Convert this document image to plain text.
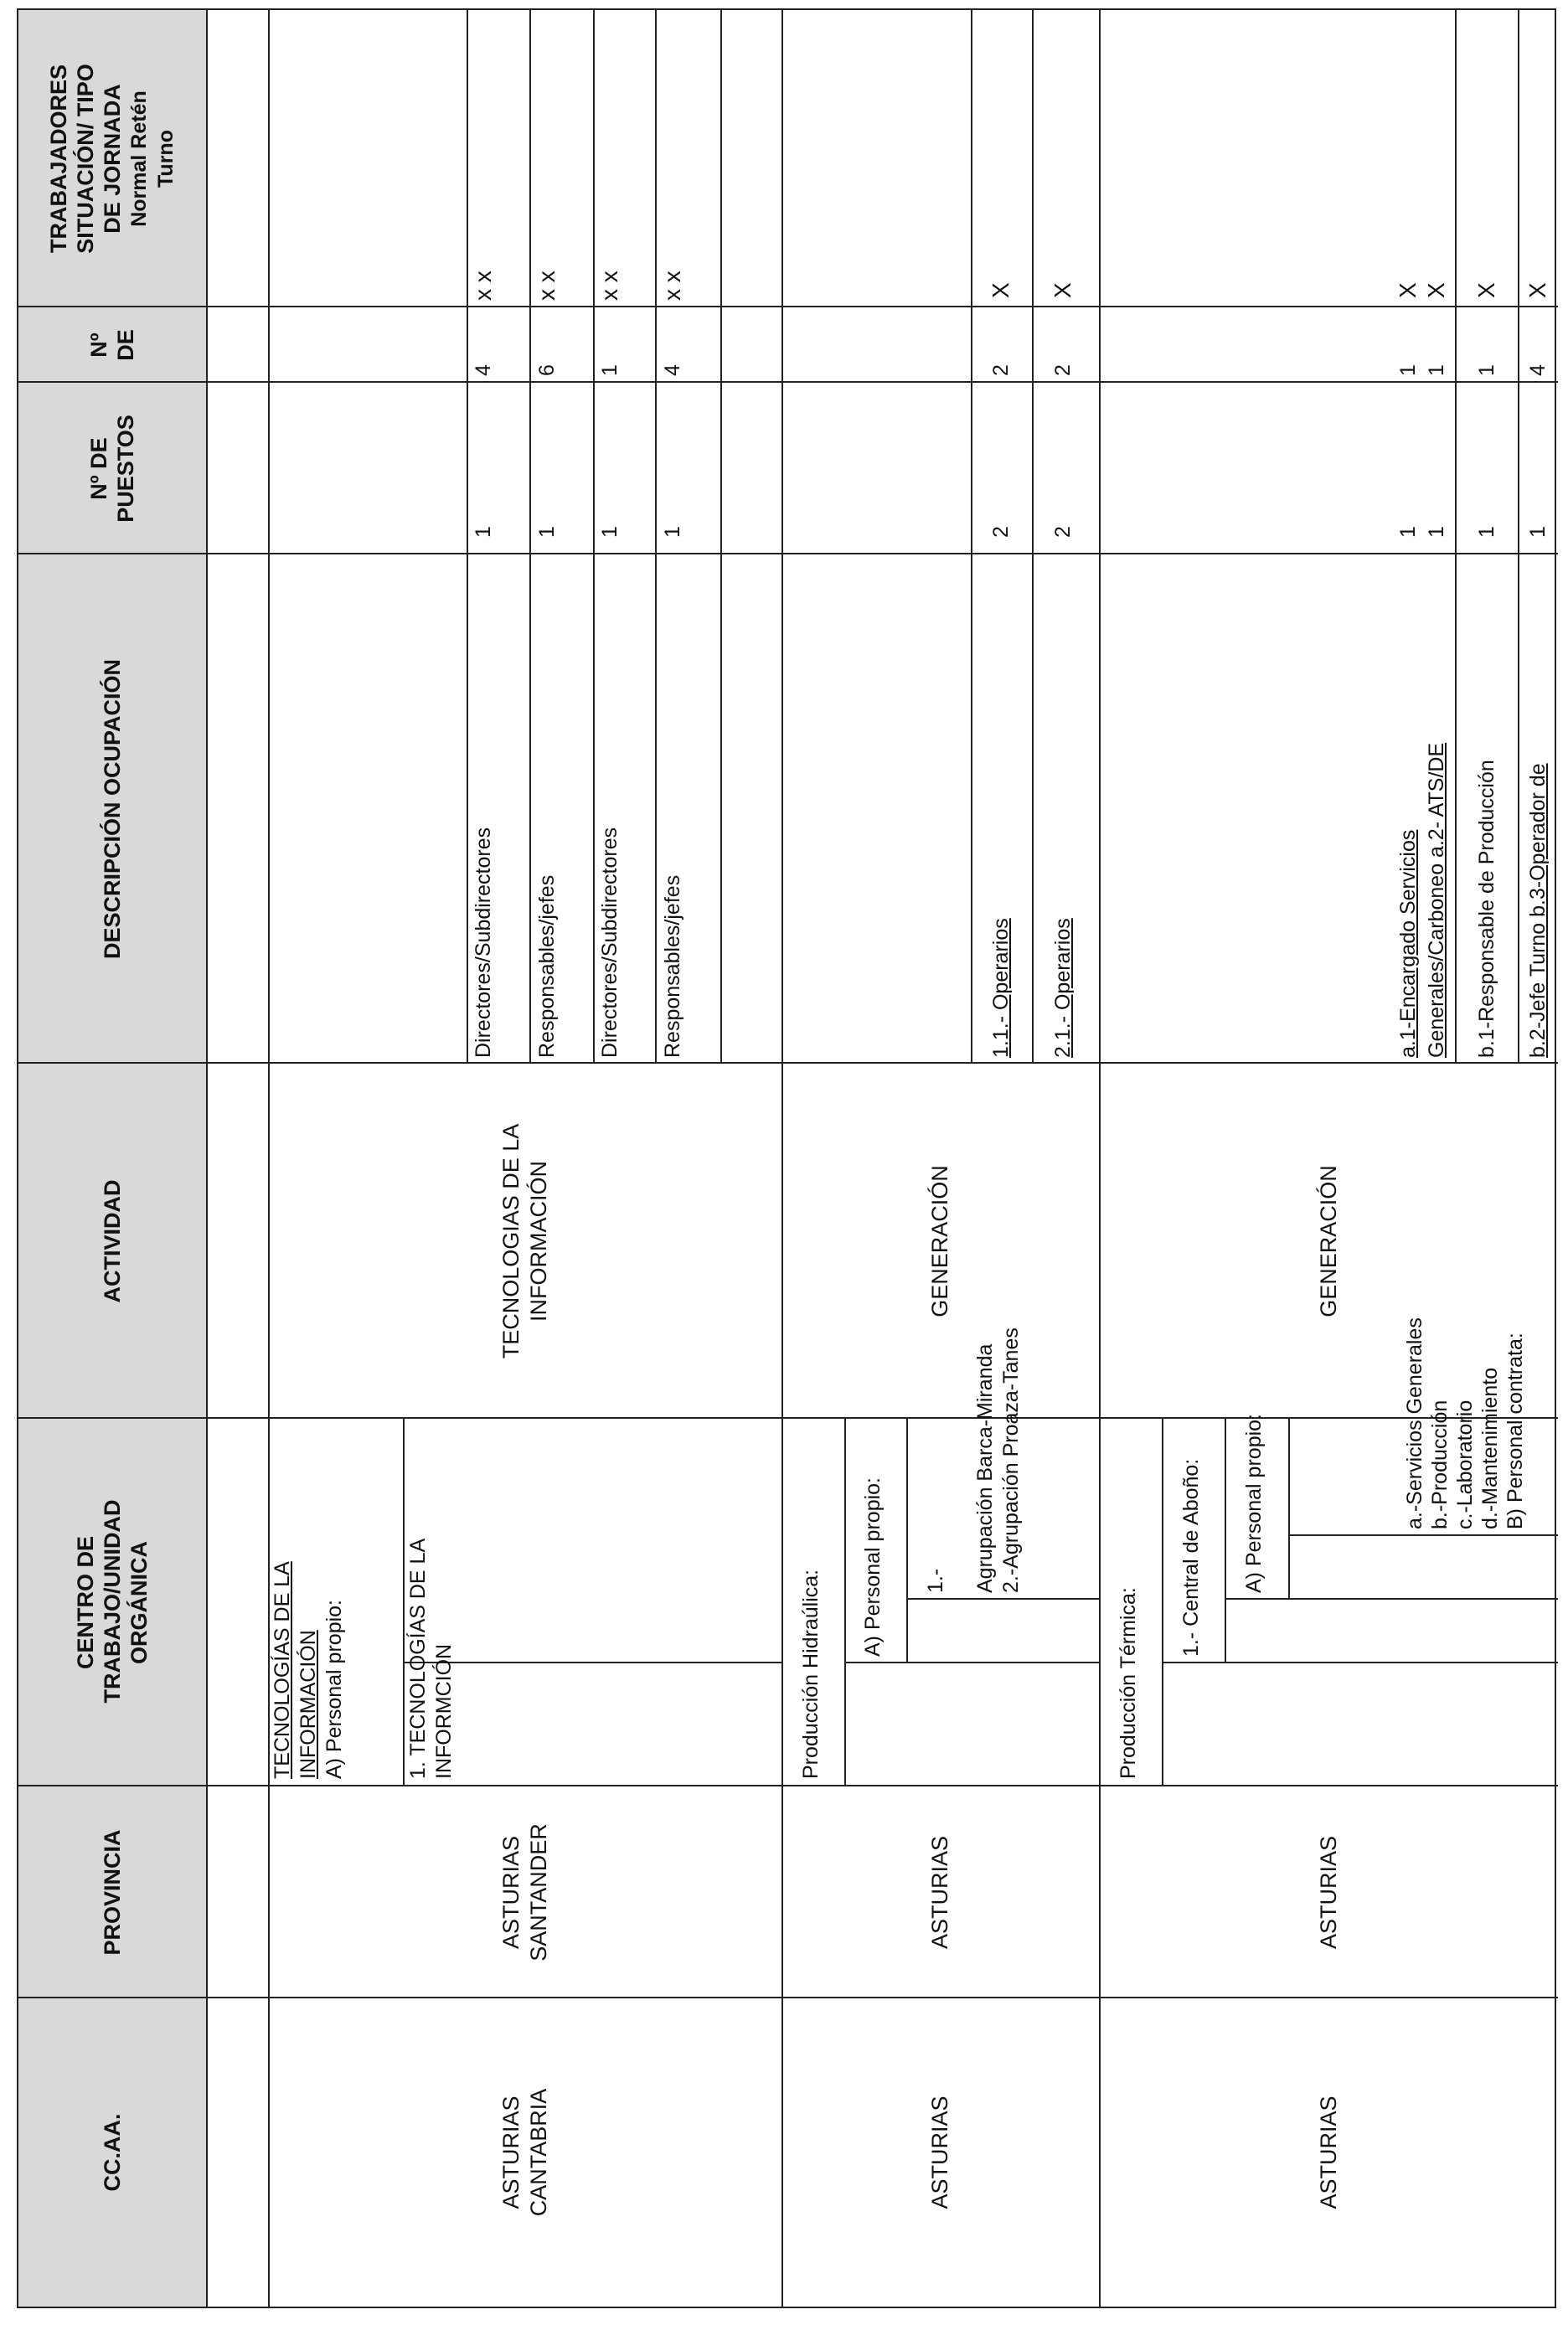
CC.AA.
PROVINCIA
CENTRO DE TRABAJO/UNIDAD ORGÁNICA
ACTIVIDAD
DESCRIPCIÓN OCUPACIÓN
Nº DE PUESTOS
Nº DE
TRABAJADORES SITUACIÓN/ TIPO DE JORNADA Normal Retén Turno
ASTURIAS CANTABRIA
ASTURIAS SANTANDER
TECNOLOGÍAS DE LA INFORMACIÓN A) Personal propio:	1. TECNOLOGÍAS DE LA INFORMCIÓN
TECNOLOGIAS DE LA INFORMACIÓN
Directores/Subdirectores
1
4
x x
Responsables/jefes
1
6
x x
Directores/Subdirectores
1
1
x x
Responsables/jefes
1
4
x x
ASTURIAS
ASTURIAS
Producción Hidraúlica:
A) Personal propio: 1.- Agrupación Barca-Miranda 2.-Agrupación Proaza-Tanes
GENERACIÓN
1.1.- Operarios
2
2
X
2.1.- Operarios
2
2
X
ASTURIAS
ASTURIAS
Producción Térmica:
1.- Central de Aboño: A) Personal propio:	a.-Servicios Generales b.-Producción c.-Laboratorio d.-Mantenimiento B) Personal contrata:
GENERACIÓN
a.1-Encargado Servicios Generales/Carboneo a.2- ATS/DE
1 1
1 1
X X
b.1-Responsable de Producción
1
1
X
b.2-Jefe Turno b.3-Operador de
1
4
X
